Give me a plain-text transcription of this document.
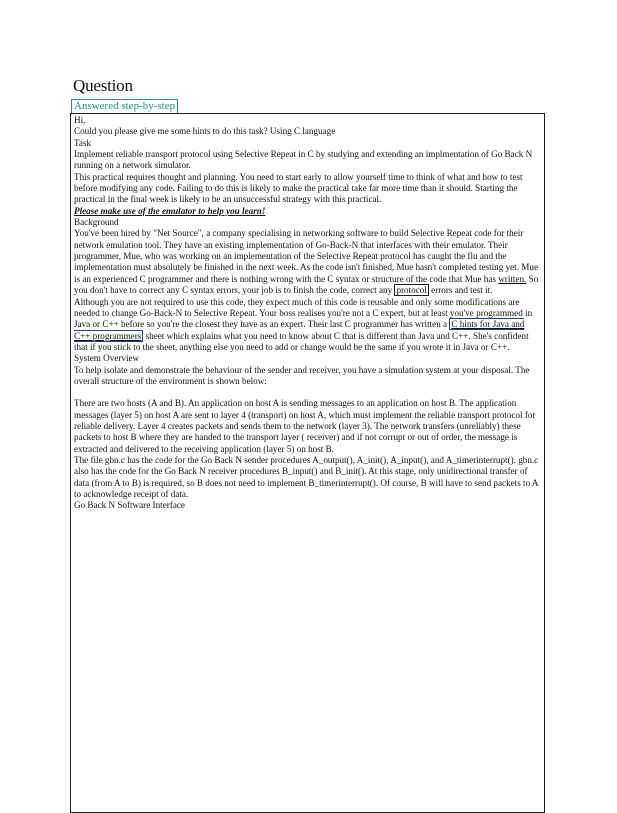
Question
Answered step-by-step

Hi,

Could you please give me some hints to do this task? Using C language

Task

Implement reliable transport protocol using Selective Repeat in C by studying and extending an implmentation of Go Back N running on a network simulator.

This practical requires thought and planning. You need to start early to allow yourself time to think of what and how to test before modifying any code. Failing to do this is likely to make the practical take far more time than it should. Starting the practical in the final week is likely to be an unsuccessful strategy with this practical.

Please make use of the emulator to help you learn!

Background

You've been hired by "Net Source", a company specialising in networking software to build Selective Repeat code for their network emulation tool. They have an existing implementation of Go-Back-N that interfaces with their emulator. Their programmer, Mue, who was working on an implementation of the Selective Repeat protocol has caught the flu and the implementation must absolutely be finished in the next week. As the code isn't finished, Mue hasn't completed testing yet. Mue is an experienced C programmer and there is nothing wrong with the C syntax or structure of the code that Mue has written. So you don't have to correct any C syntax errors, your job is to finish the code, correct any protocol errors and test it.

Although you are not required to use this code, they expect much of this code is reusable and only some modifications are needed to change Go-Back-N to Selective Repeat. Your boss realises you're not a C expert, but at least you've programmed in Java or C++ before so you're the closest they have as an expert. Their last C programmer has written a C hints for Java and C++ programmers sheet which explains what you need to know about C that is different than Java and C++. She's confident that if you stick to the sheet, anything else you need to add or change would be the same if you wrote it in Java or C++.

System Overview

To help isolate and demonstrate the behaviour of the sender and receiver, you have a simulation system at your disposal. The overall structure of the environment is shown below:

There are two hosts (A and B). An application on host A is sending messages to an application on host B. The application messages (layer 5) on host A are sent to layer 4 (transport) on host A, which must implement the reliable transport protocol for reliable delivery. Layer 4 creates packets and sends them to the network (layer 3). The network transfers (unreliably) these packets to host B where they are handed to the transport layer ( receiver) and if not corrupt or out of order, the message is extracted and delivered to the receiving application (layer 5) on host B.

The file gbn.c has the code for the Go Back N sender procedures A_output(), A_init(), A_input(), and A_timerinterrupt(). gbn.c also has the code for the Go Back N receiver procedures B_input() and B_init(). At this stage, only unidirectional transfer of data (from A to B) is required, so B does not need to implement B_timerinterrupt(). Of course, B will have to send packets to A to acknowledge receipt of data.

Go Back N Software Interface
